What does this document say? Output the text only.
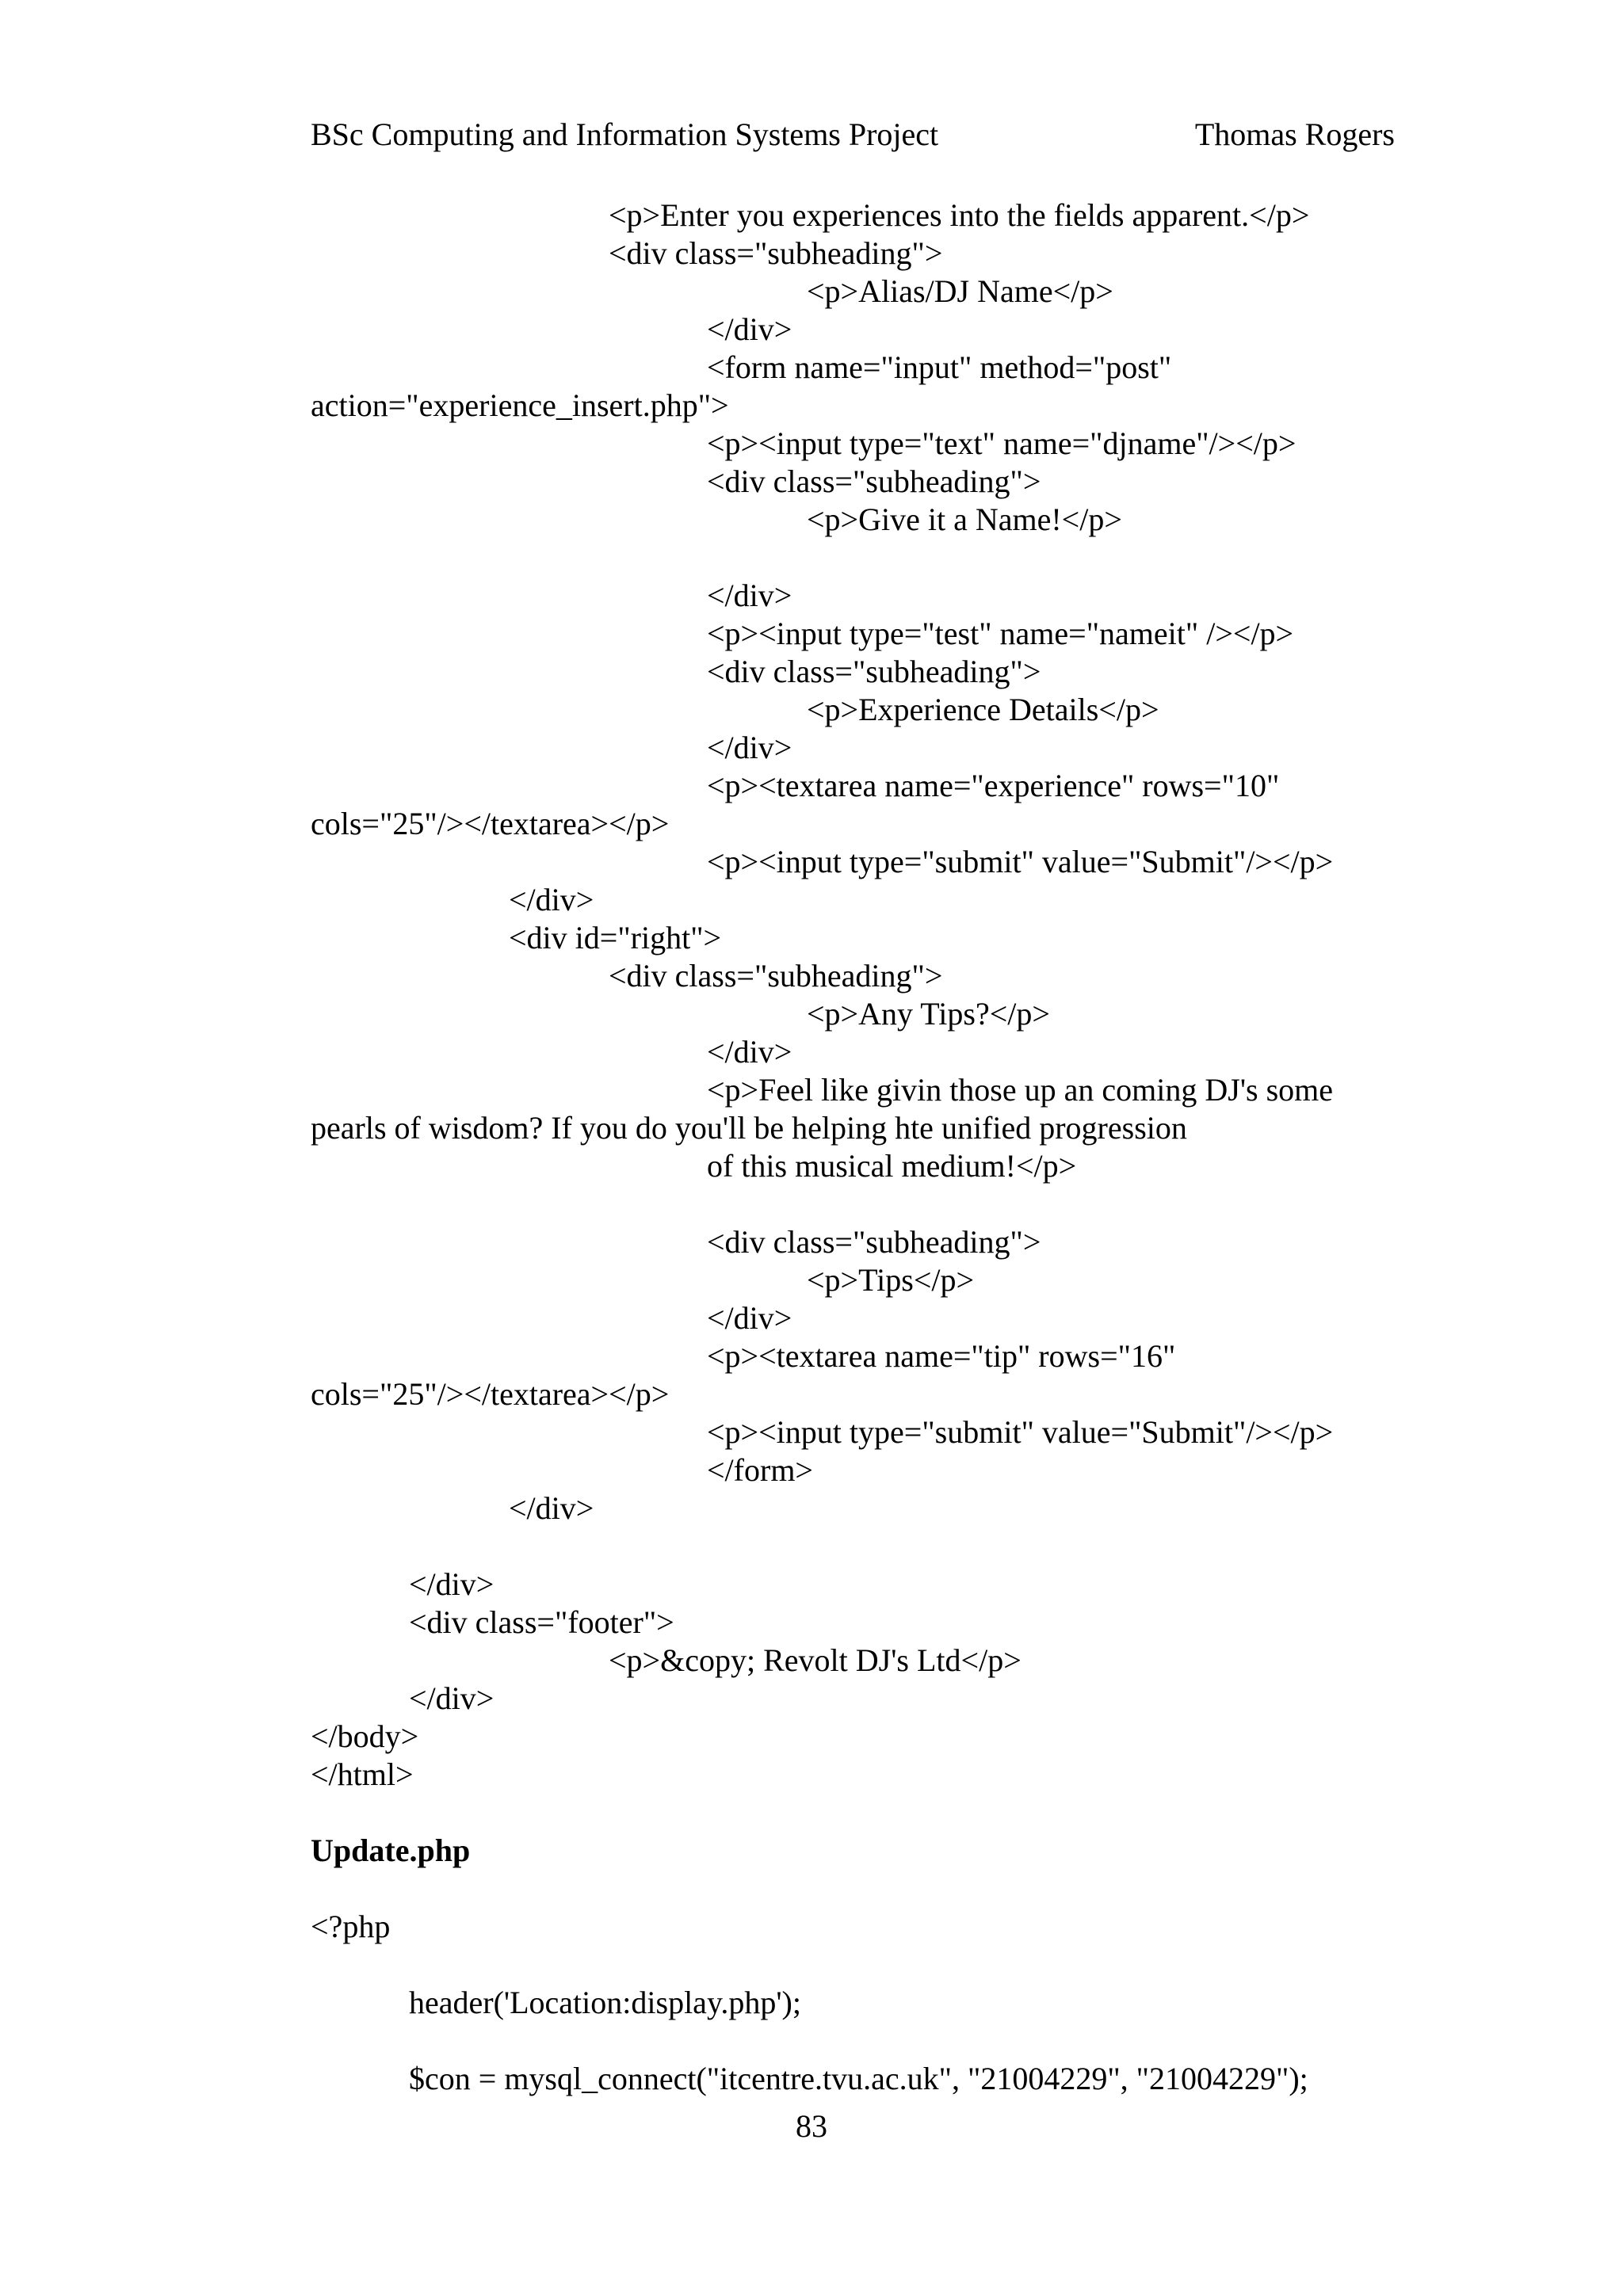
BSc Computing and Information Systems Project	Thomas Rogers
<p>Enter you experiences into the fields apparent.</p>
<div class="subheading">
<p>Alias/DJ Name</p>
</div>
<form name="input" method="post"
action="experience_insert.php">
<p><input type="text" name="djname"/></p>
<div class="subheading">
<p>Give it a Name!</p>
</div>
<p><input type="test" name="nameit" /></p>
<div class="subheading">
<p>Experience Details</p>
</div>
<p><textarea name="experience" rows="10"
cols="25"/></textarea></p>
<p><input type="submit" value="Submit"/></p>
</div>
<div id="right">
<div class="subheading">
<p>Any Tips?</p>
</div>
<p>Feel like givin those up an coming DJ's some
pearls of wisdom? If you do you'll be helping hte unified progression
of this musical medium!</p>
<div class="subheading">
<p>Tips</p>
</div>
<p><textarea name="tip" rows="16"
cols="25"/></textarea></p>
<p><input type="submit" value="Submit"/></p>
</form>
</div>
</div>
<div class="footer">
<p>&copy; Revolt DJ's Ltd</p>
</div>
</body>
</html>
Update.php
<?php
header('Location:display.php');
$con = mysql_connect("itcentre.tvu.ac.uk", "21004229", "21004229");
83
